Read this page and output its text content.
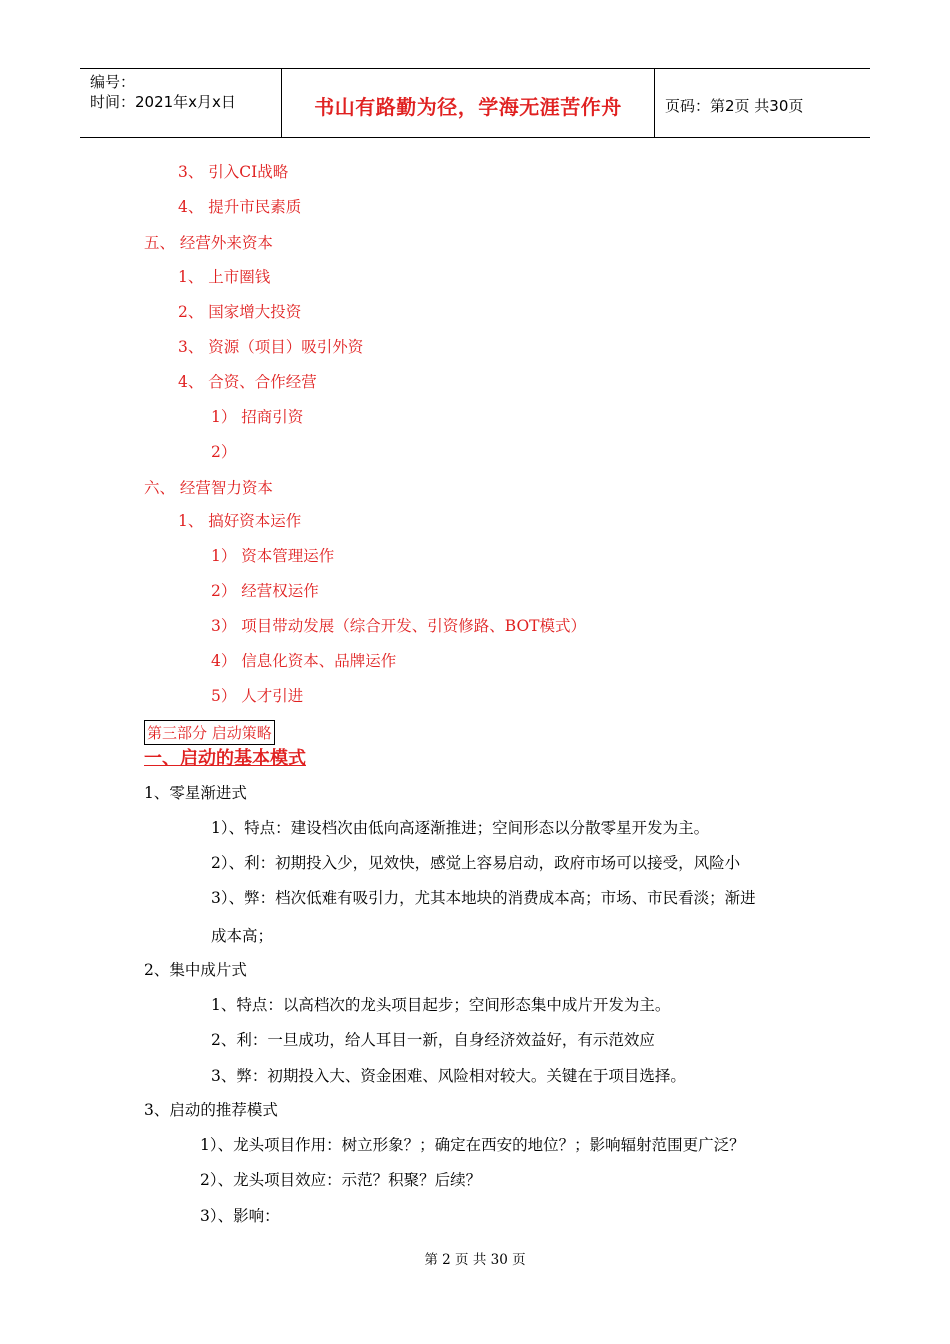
编号：
时间：2021年x月x日	书山有路勤为径，学海无涯苦作舟	页码：第2页 共30页
3、 引入CI战略
4、 提升市民素质
五、 经营外来资本
1、 上市圈钱
2、 国家增大投资
3、 资源（项目）吸引外资
4、 合资、合作经营
1） 招商引资
2）
六、 经营智力资本
1、 搞好资本运作
1） 资本管理运作
2） 经营权运作
3） 项目带动发展（综合开发、引资修路、BOT模式）
4） 信息化资本、品牌运作
5） 人才引进
第三部分 启动策略
一、启动的基本模式
1、零星渐进式
1）、特点：建设档次由低向高逐渐推进；空间形态以分散零星开发为主。
2）、利：初期投入少，见效快，感觉上容易启动，政府市场可以接受，风险小
3）、弊：档次低难有吸引力，尤其本地块的消费成本高；市场、市民看淡；渐进
成本高；
2、集中成片式
1、特点：以高档次的龙头项目起步；空间形态集中成片开发为主。
2、利：一旦成功，给人耳目一新，自身经济效益好，有示范效应
3、弊：初期投入大、资金困难、风险相对较大。关键在于项目选择。
3、启动的推荐模式
1）、龙头项目作用：树立形象？；确定在西安的地位？；影响辐射范围更广泛？
2）、龙头项目效应：示范？积聚？后续？
3）、影响：
第 2 页 共 30 页
